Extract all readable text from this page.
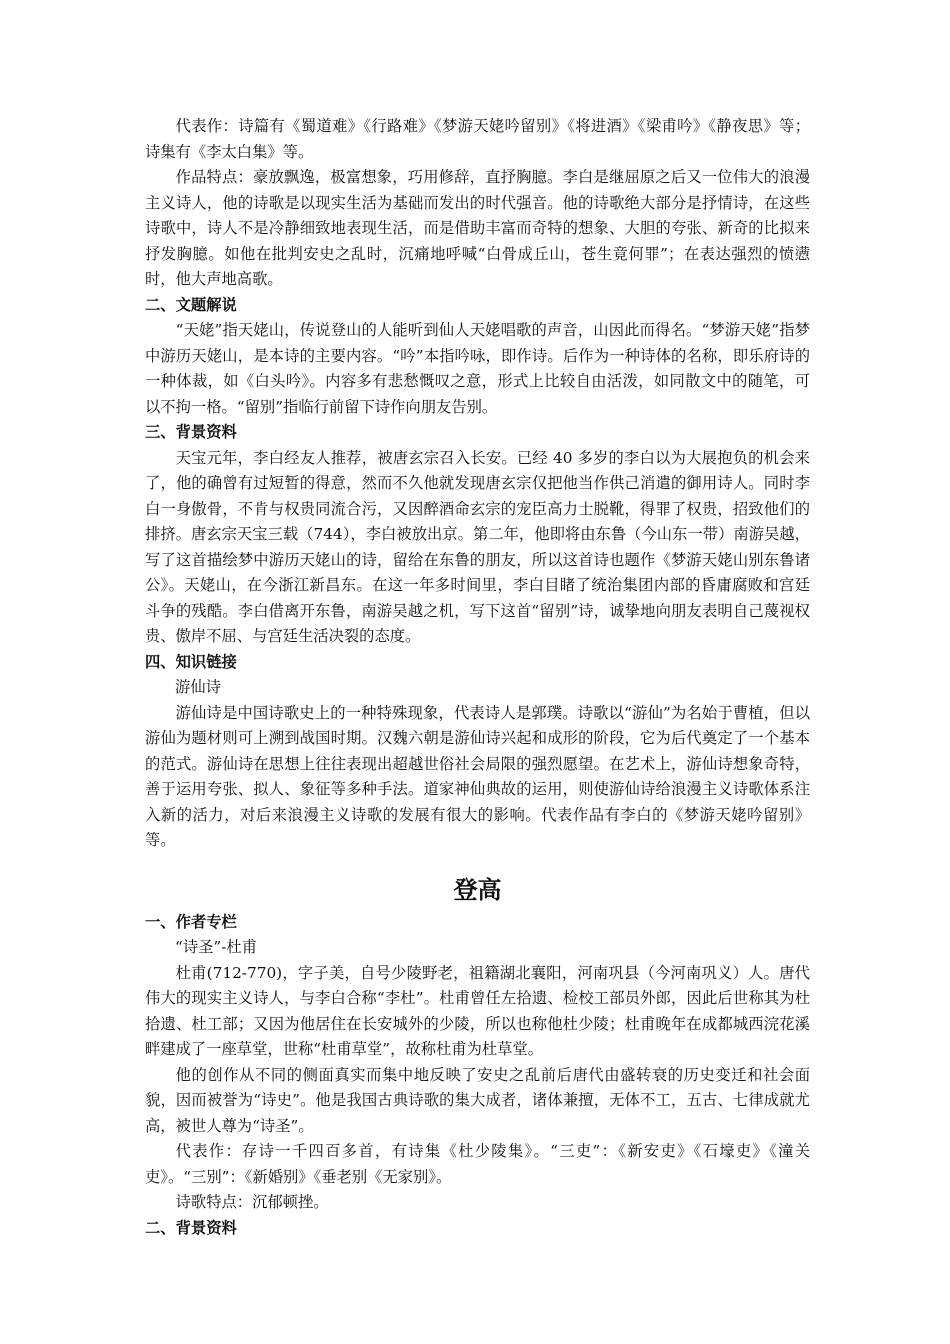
代表作：诗篇有《蜀道难》《行路难》《梦游天姥吟留别》《将进酒》《梁甫吟》《静夜思》等；诗集有《李太白集》等。

作品特点：豪放飘逸，极富想象，巧用修辞，直抒胸臆。李白是继屈原之后又一位伟大的浪漫主义诗人，他的诗歌是以现实生活为基础而发出的时代强音。他的诗歌绝大部分是抒情诗，在这些诗歌中，诗人不是冷静细致地表现生活，而是借助丰富而奇特的想象、大胆的夸张、新奇的比拟来抒发胸臆。如他在批判安史之乱时，沉痛地呼喊“白骨成丘山，苍生竟何罪”；在表达强烈的愤懑时，他大声地高歌。

二、文题解说

“天姥”指天姥山，传说登山的人能听到仙人天姥唱歌的声音，山因此而得名。“梦游天姥”指梦中游历天姥山，是本诗的主要内容。“吟”本指吟咏，即作诗。后作为一种诗体的名称，即乐府诗的一种体裁，如《白头吟》。内容多有悲愁慨叹之意，形式上比较自由活泼，如同散文中的随笔，可以不拘一格。“留别”指临行前留下诗作向朋友告别。

三、背景资料

天宝元年，李白经友人推荐，被唐玄宗召入长安。已经 40 多岁的李白以为大展抱负的机会来了，他的确曾有过短暂的得意，然而不久他就发现唐玄宗仅把他当作供己消遣的御用诗人。同时李白一身傲骨，不肯与权贵同流合污，又因醉酒命玄宗的宠臣高力士脱靴，得罪了权贵，招致他们的排挤。唐玄宗天宝三载（744），李白被放出京。第二年，他即将由东鲁（今山东一带）南游吴越，写了这首描绘梦中游历天姥山的诗，留给在东鲁的朋友，所以这首诗也题作《梦游天姥山别东鲁诸公》。天姥山，在今浙江新昌东。在这一年多时间里，李白目睹了统治集团内部的昏庸腐败和宫廷斗争的残酷。李白借离开东鲁，南游吴越之机，写下这首“留别”诗，诚挚地向朋友表明自己蔑视权贵、傲岸不屈、与宫廷生活决裂的态度。

四、知识链接

游仙诗

游仙诗是中国诗歌史上的一种特殊现象，代表诗人是郭璞。诗歌以“游仙”为名始于曹植，但以游仙为题材则可上溯到战国时期。汉魏六朝是游仙诗兴起和成形的阶段，它为后代奠定了一个基本的范式。游仙诗在思想上往往表现出超越世俗社会局限的强烈愿望。在艺术上，游仙诗想象奇特，善于运用夸张、拟人、象征等多种手法。道家神仙典故的运用，则使游仙诗给浪漫主义诗歌体系注入新的活力，对后来浪漫主义诗歌的发展有很大的影响。代表作品有李白的《梦游天姥吟留别》等。

登高

一、作者专栏

“诗圣”-杜甫

杜甫(712-770)，字子美，自号少陵野老，祖籍湖北襄阳，河南巩县（今河南巩义）人。唐代伟大的现实主义诗人，与李白合称“李杜”。杜甫曾任左拾遗、检校工部员外郎，因此后世称其为杜拾遗、杜工部；又因为他居住在长安城外的少陵，所以也称他杜少陵；杜甫晚年在成都城西浣花溪畔建成了一座草堂，世称“杜甫草堂”，故称杜甫为杜草堂。

他的创作从不同的侧面真实而集中地反映了安史之乱前后唐代由盛转衰的历史变迁和社会面貌，因而被誉为“诗史”。他是我国古典诗歌的集大成者，诸体兼擅，无体不工，五古、七律成就尤高，被世人尊为“诗圣”。

代表作：存诗一千四百多首，有诗集《杜少陵集》。“三吏”：《新安吏》《石壕吏》《潼关吏》。“三别”：《新婚别》《垂老别《无家别》。

诗歌特点：沉郁顿挫。

二、背景资料
